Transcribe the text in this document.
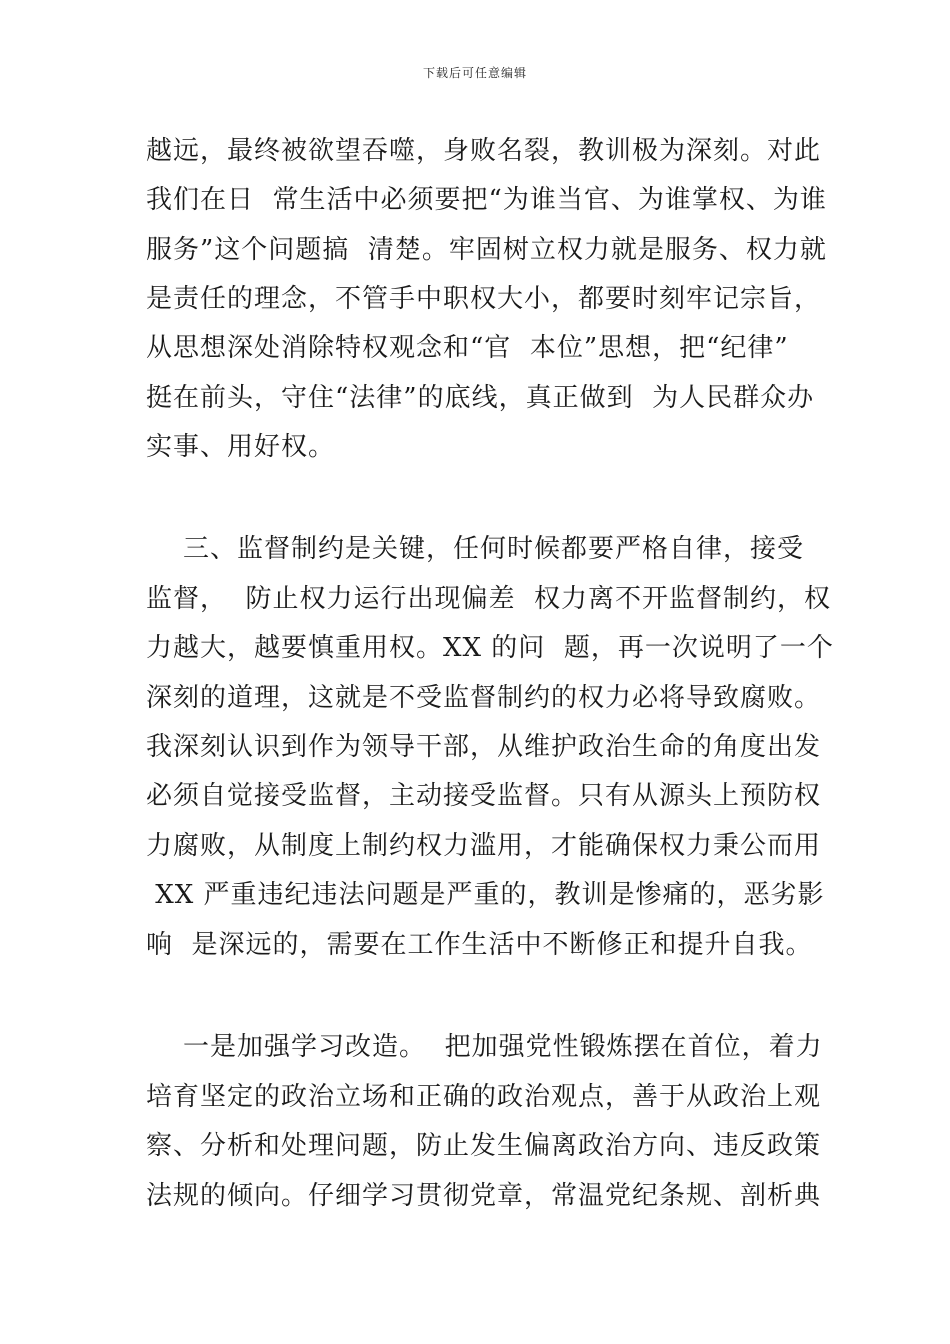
下载后可任意编辑
越远，最终被欲望吞噬，身败名裂，教训极为深刻。对此
我们在日  常生活中必须要把“为谁当官、为谁掌权、为谁
服务”这个问题搞  清楚。牢固树立权力就是服务、权力就
是责任的理念，不管手中职权大小，都要时刻牢记宗旨，
从思想深处消除特权观念和“官  本位”思想，把“纪律”
挺在前头，守住“法律”的底线，真正做到  为人民群众办
实事、用好权。
三、监督制约是关键，任何时候都要严格自律，接受
监督，  防止权力运行出现偏差  权力离不开监督制约，权
力越大，越要慎重用权。XX 的问  题，再一次说明了一个
深刻的道理，这就是不受监督制约的权力必将导致腐败。
我深刻认识到作为领导干部，从维护政治生命的角度出发
必须自觉接受监督，主动接受监督。只有从源头上预防权
力腐败，从制度上制约权力滥用，才能确保权力秉公而用
XX 严重违纪违法问题是严重的，教训是惨痛的，恶劣影
响  是深远的，需要在工作生活中不断修正和提升自我。
一是加强学习改造。  把加强党性锻炼摆在首位，着力
培育坚定的政治立场和正确的政治观点，善于从政治上观
察、分析和处理问题，防止发生偏离政治方向、违反政策
法规的倾向。仔细学习贯彻党章，常温党纪条规、剖析典
